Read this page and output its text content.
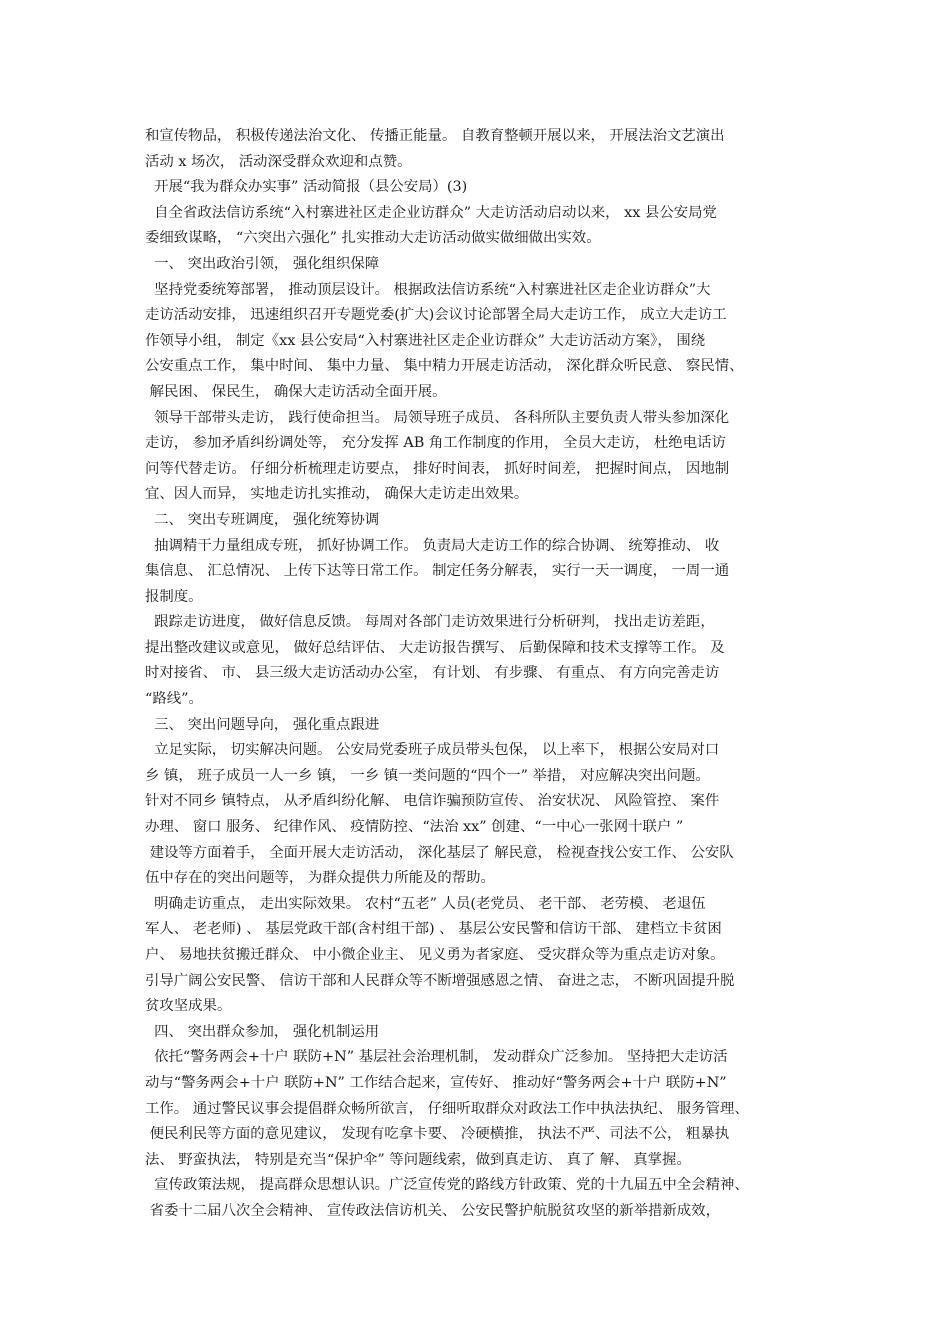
和宣传物品， 积极传递法治文化、 传播正能量。 自教育整顿开展以来， 开展法治文艺演出
活动 x 场次， 活动深受群众欢迎和点赞。
开展“我为群众办实事” 活动简报（县公安局）(3)
自全省政法信访系统“入村寨进社区走企业访群众” 大走访活动启动以来， xx 县公安局党
委细致谋略， “六突出六强化” 扎实推动大走访活动做实做细做出实效。
一、 突出政治引领， 强化组织保障
坚持党委统筹部署， 推动顶层设计。 根据政法信访系统“入村寨进社区走企业访群众”大
走访活动安排， 迅速组织召开专题党委(扩大)会议讨论部署全局大走访工作， 成立大走访工
作领导小组， 制定《xx 县公安局“入村寨进社区走企业访群众” 大走访活动方案》， 围绕
公安重点工作， 集中时间、 集中力量、 集中精力开展走访活动， 深化群众听民意、 察民情、
解民困、 保民生， 确保大走访活动全面开展。
领导干部带头走访， 践行使命担当。 局领导班子成员、 各科所队主要负责人带头参加深化
走访， 参加矛盾纠纷调处等， 充分发挥 AB 角工作制度的作用， 全员大走访， 杜绝电话访
问等代替走访。 仔细分析梳理走访要点， 排好时间表， 抓好时间差， 把握时间点， 因地制
宜、因人而异， 实地走访扎实推动， 确保大走访走出效果。
二、 突出专班调度， 强化统筹协调
抽调精干力量组成专班， 抓好协调工作。 负责局大走访工作的综合协调、 统筹推动、 收
集信息、 汇总情况、 上传下达等日常工作。 制定任务分解表， 实行一天一调度， 一周一通
报制度。
跟踪走访进度， 做好信息反馈。 每周对各部门走访效果进行分析研判， 找出走访差距，
提出整改建议或意见， 做好总结评估、 大走访报告撰写、 后勤保障和技术支撑等工作。 及
时对接省、 市、 县三级大走访活动办公室， 有计划、 有步骤、 有重点、 有方向完善走访
“路线”。
三、 突出问题导向， 强化重点跟进
立足实际， 切实解决问题。 公安局党委班子成员带头包保， 以上率下， 根据公安局对口
乡 镇， 班子成员一人一乡 镇， 一乡 镇一类问题的“四个一” 举措， 对应解决突出问题。
针对不同乡 镇特点， 从矛盾纠纷化解、 电信诈骗预防宣传、 治安状况、 风险管控、 案件
办理、 窗口 服务、 纪律作风、 疫情防控、“法治 xx” 创建、“一中心一张网十联户 ”
建设等方面着手， 全面开展大走访活动， 深化基层了 解民意， 检视查找公安工作、 公安队
伍中存在的突出问题等， 为群众提供力所能及的帮助。
明确走访重点， 走出实际效果。 农村“五老” 人员(老党员、 老干部、 老劳模、 老退伍
军人、 老老师) 、 基层党政干部(含村组干部) 、 基层公安民警和信访干部、 建档立卡贫困
户、 易地扶贫搬迁群众、 中小微企业主、 见义勇为者家庭、 受灾群众等为重点走访对象。
引导广阔公安民警、 信访干部和人民群众等不断增强感恩之情、 奋进之志， 不断巩固提升脱
贫攻坚成果。
四、 突出群众参加， 强化机制运用
依托“警务两会+十户 联防+N” 基层社会治理机制， 发动群众广泛参加。 坚持把大走访活
动与“警务两会+十户 联防+N” 工作结合起来，宣传好、 推动好“警务两会+十户 联防+N”
工作。 通过警民议事会提倡群众畅所欲言， 仔细听取群众对政法工作中执法执纪、 服务管理、
便民利民等方面的意见建议， 发现有吃拿卡要、 冷硬横推， 执法不严、司法不公， 粗暴执
法、 野蛮执法， 特别是充当“保护伞” 等问题线索，做到真走访、 真了 解、 真掌握。
宣传政策法规， 提高群众思想认识。广泛宣传党的路线方针政策、党的十九届五中全会精神、
省委十二届八次全会精神、 宣传政法信访机关、 公安民警护航脱贫攻坚的新举措新成效，
